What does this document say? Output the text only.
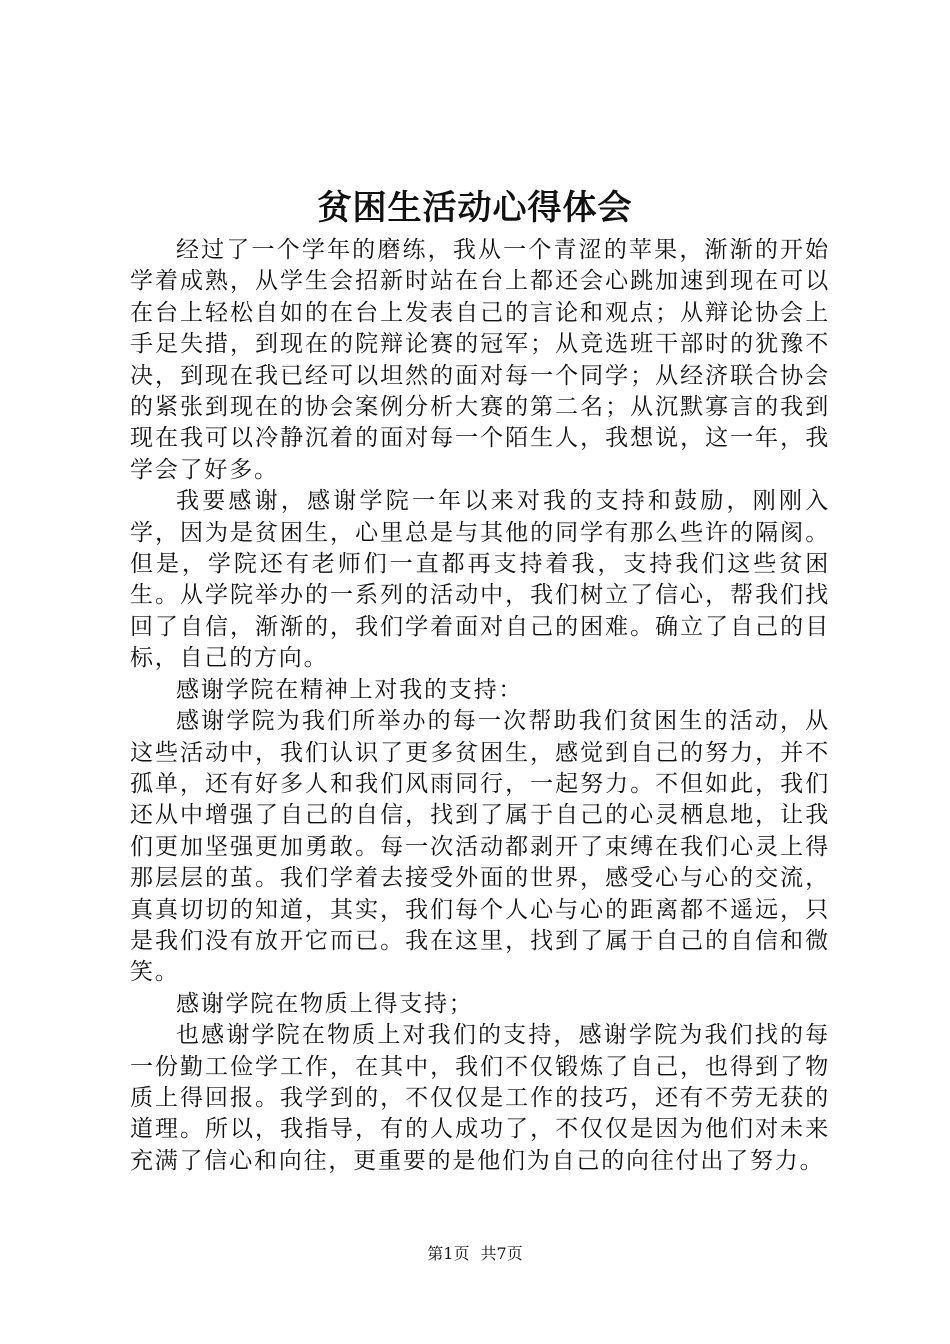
贫困生活动心得体会

经过了一个学年的磨练，我从一个青涩的苹果，渐渐的开始学着成熟，从学生会招新时站在台上都还会心跳加速到现在可以在台上轻松自如的在台上发表自己的言论和观点；从辩论协会上手足失措，到现在的院辩论赛的冠军；从竞选班干部时的犹豫不决，到现在我已经可以坦然的面对每一个同学；从经济联合协会的紧张到现在的协会案例分析大赛的第二名；从沉默寡言的我到现在我可以冷静沉着的面对每一个陌生人，我想说，这一年，我学会了好多。

我要感谢，感谢学院一年以来对我的支持和鼓励，刚刚入学，因为是贫困生，心里总是与其他的同学有那么些许的隔阂。但是，学院还有老师们一直都再支持着我，支持我们这些贫困生。从学院举办的一系列的活动中，我们树立了信心，帮我们找回了自信，渐渐的，我们学着面对自己的困难。确立了自己的目标，自己的方向。

感谢学院在精神上对我的支持：

感谢学院为我们所举办的每一次帮助我们贫困生的活动，从这些活动中，我们认识了更多贫困生，感觉到自己的努力，并不孤单，还有好多人和我们风雨同行，一起努力。不但如此，我们还从中增强了自己的自信，找到了属于自己的心灵栖息地，让我们更加坚强更加勇敢。每一次活动都剥开了束缚在我们心灵上得那层层的茧。我们学着去接受外面的世界，感受心与心的交流，真真切切的知道，其实，我们每个人心与心的距离都不遥远，只是我们没有放开它而已。我在这里，找到了属于自己的自信和微笑。

感谢学院在物质上得支持；

也感谢学院在物质上对我们的支持，感谢学院为我们找的每一份勤工俭学工作，在其中，我们不仅锻炼了自己，也得到了物质上得回报。我学到的，不仅仅是工作的技巧，还有不劳无获的道理。所以，我指导，有的人成功了，不仅仅是因为他们对未来充满了信心和向往，更重要的是他们为自己的向往付出了努力。

第1页 共7页
